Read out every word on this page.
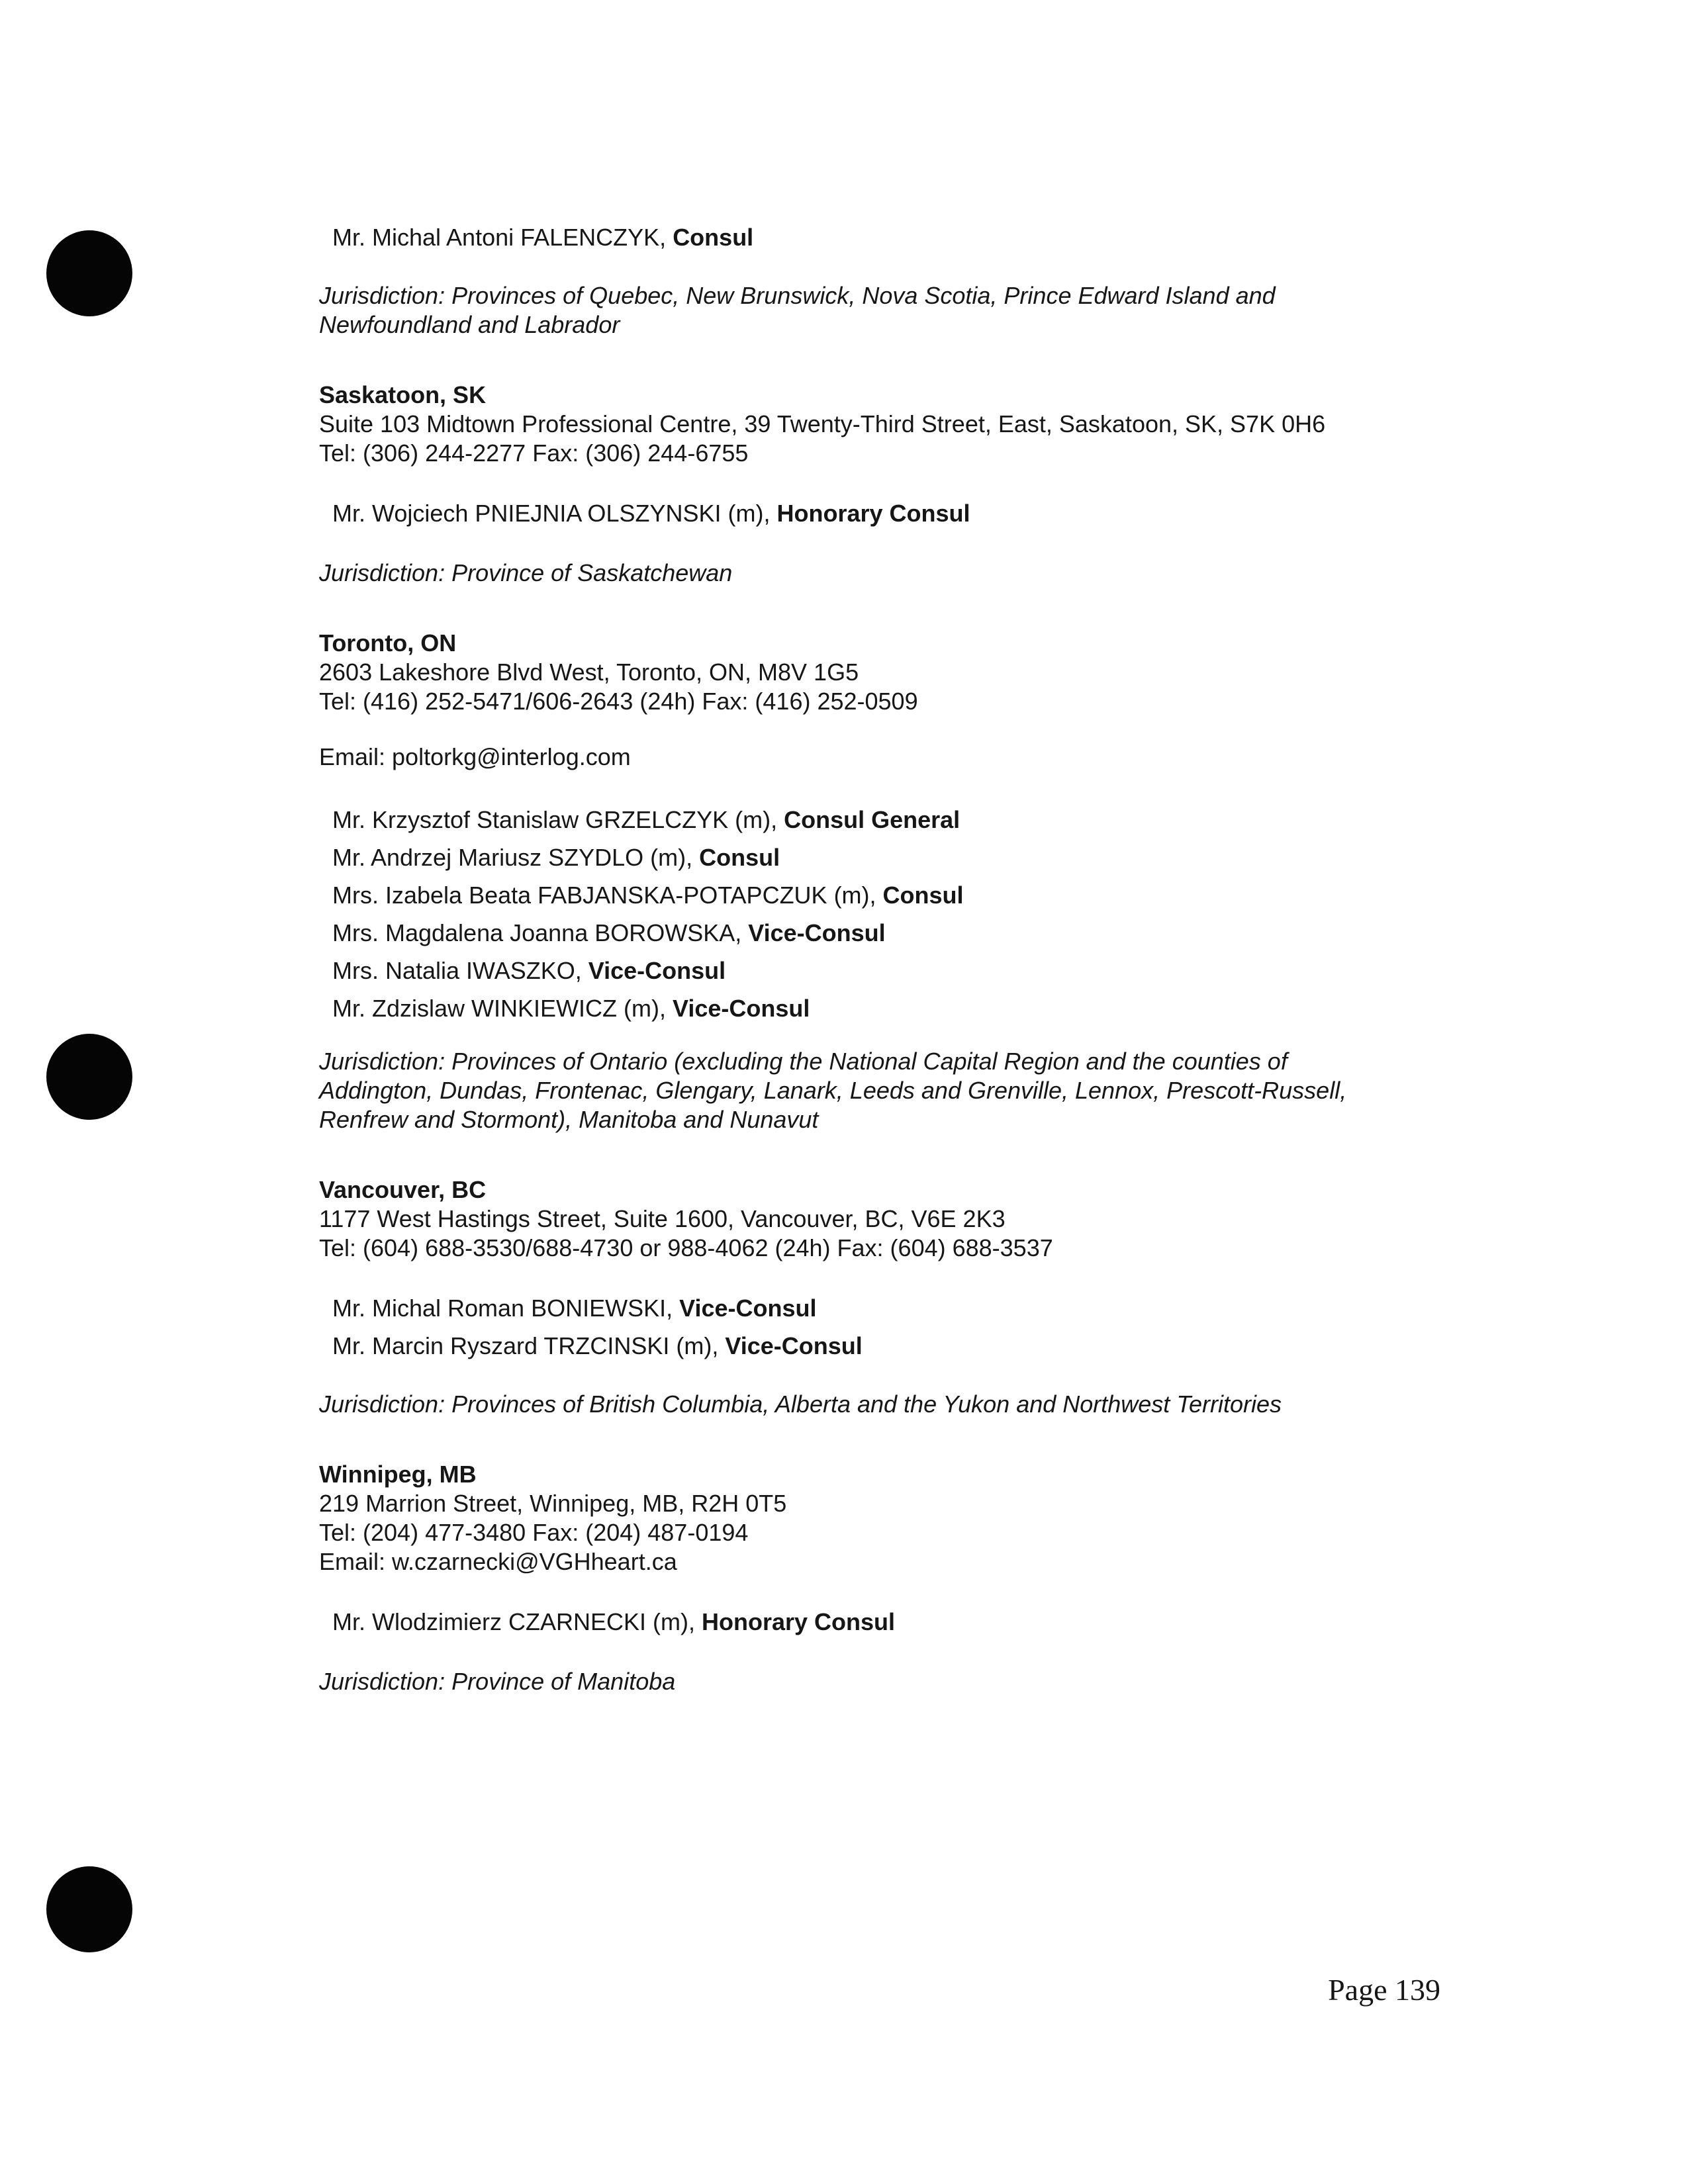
Mr. Michal Antoni FALENCZYK, Consul
Jurisdiction: Provinces of Quebec, New Brunswick, Nova Scotia, Prince Edward Island and
Newfoundland and Labrador
Saskatoon, SK
Suite 103 Midtown Professional Centre, 39 Twenty-Third Street, East, Saskatoon, SK, S7K 0H6
Tel: (306) 244-2277 Fax: (306) 244-6755
Mr. Wojciech PNIEJNIA OLSZYNSKI (m), Honorary Consul
Jurisdiction: Province of Saskatchewan
Toronto, ON
2603 Lakeshore Blvd West, Toronto, ON, M8V 1G5
Tel: (416) 252-5471/606-2643 (24h) Fax: (416) 252-0509
Email: poltorkg@interlog.com
Mr. Krzysztof Stanislaw GRZELCZYK (m), Consul General
Mr. Andrzej Mariusz SZYDLO (m), Consul
Mrs. Izabela Beata FABJANSKA-POTAPCZUK (m), Consul
Mrs. Magdalena Joanna BOROWSKA, Vice-Consul
Mrs. Natalia IWASZKO, Vice-Consul
Mr. Zdzislaw WINKIEWICZ (m), Vice-Consul
Jurisdiction: Provinces of Ontario (excluding the National Capital Region and the counties of
Addington, Dundas, Frontenac, Glengary, Lanark, Leeds and Grenville, Lennox, Prescott-Russell,
Renfrew and Stormont), Manitoba and Nunavut
Vancouver, BC
1177 West Hastings Street, Suite 1600, Vancouver, BC, V6E 2K3
Tel: (604) 688-3530/688-4730 or 988-4062 (24h) Fax: (604) 688-3537
Mr. Michal Roman BONIEWSKI, Vice-Consul
Mr. Marcin Ryszard TRZCINSKI (m), Vice-Consul
Jurisdiction: Provinces of British Columbia, Alberta and the Yukon and Northwest Territories
Winnipeg, MB
219 Marrion Street, Winnipeg, MB, R2H 0T5
Tel: (204) 477-3480 Fax: (204) 487-0194
Email: w.czarnecki@VGHheart.ca
Mr. Wlodzimierz CZARNECKI (m), Honorary Consul
Jurisdiction: Province of Manitoba
Page 139
